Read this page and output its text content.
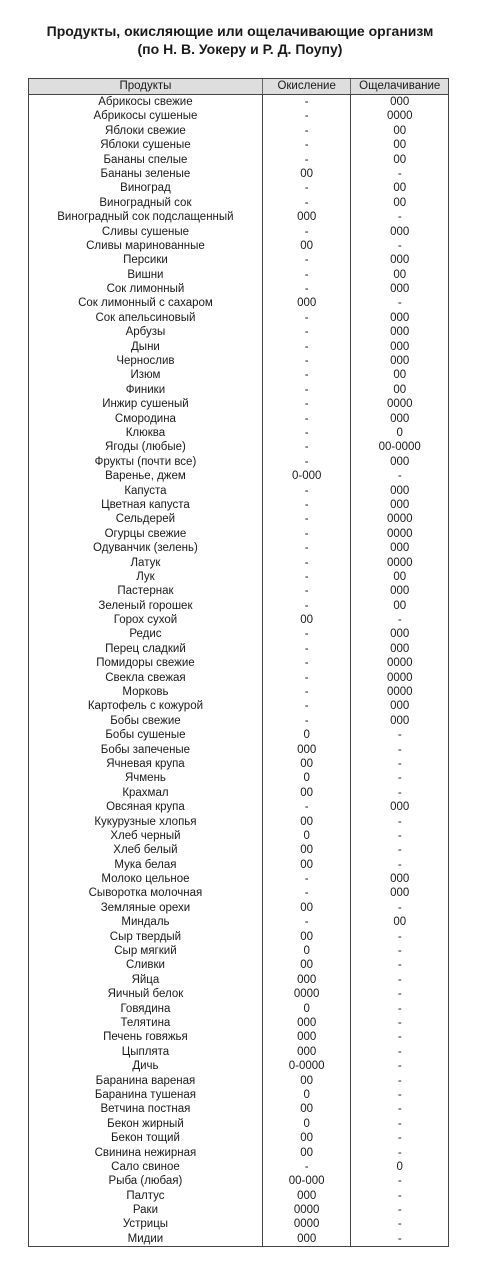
Продукты, окисляющие или ощелачивающие организм
(по Н. В. Уокеру и Р. Д. Поупу)
Продукты	Окисление	Ощелачивание
Абрикосы свежие	-	000
Абрикосы сушеные	-	0000
Яблоки свежие	-	00
Яблоки сушеные	-	00
Бананы спелые	-	00
Бананы зеленые	00	-
Виноград	-	00
Виноградный сок	-	00
Виноградный сок подслащенный	000	-
Сливы сушеные	-	000
Сливы маринованные	00	-
Персики	-	000
Вишни	-	00
Сок лимонный	-	000
Сок лимонный с сахаром	000	-
Сок апельсиновый	-	000
Арбузы	-	000
Дыни	-	000
Чернослив	-	000
Изюм	-	00
Финики	-	00
Инжир сушеный	-	0000
Смородина	-	000
Клюква	-	0
Ягоды (любые)	-	00-0000
Фрукты (почти все)	-	000
Варенье, джем	0-000	-
Капуста	-	000
Цветная капуста	-	000
Сельдерей	-	0000
Огурцы свежие	-	0000
Одуванчик (зелень)	-	000
Латук	-	0000
Лук	-	00
Пастернак	-	000
Зеленый горошек	-	00
Горох сухой	00	-
Редис	-	000
Перец сладкий	-	000
Помидоры свежие	-	0000
Свекла свежая	-	0000
Морковь	-	0000
Картофель с кожурой	-	000
Бобы свежие	-	000
Бобы сушеные	0	-
Бобы запеченые	000	-
Ячневая крупа	00	-
Ячмень	0	-
Крахмал	00	-
Овсяная крупа	-	000
Кукурузные хлопья	00	-
Хлеб черный	0	-
Хлеб белый	00	-
Мука белая	00	-
Молоко цельное	-	000
Сыворотка молочная	-	000
Земляные орехи	00	-
Миндаль	-	00
Сыр твердый	00	-
Сыр мягкий	0	-
Сливки	00	-
Яйца	000	-
Яичный белок	0000	-
Говядина	0	-
Телятина	000	-
Печень говяжья	000	-
Цыплята	000	-
Дичь	0-0000	-
Баранина вареная	00	-
Баранина тушеная	0	-
Ветчина постная	00	-
Бекон жирный	0	-
Бекон тощий	00	-
Свинина нежирная	00	-
Сало свиное	-	0
Рыба (любая)	00-000	-
Палтус	000	-
Раки	0000	-
Устрицы	0000	-
Мидии	000	-
